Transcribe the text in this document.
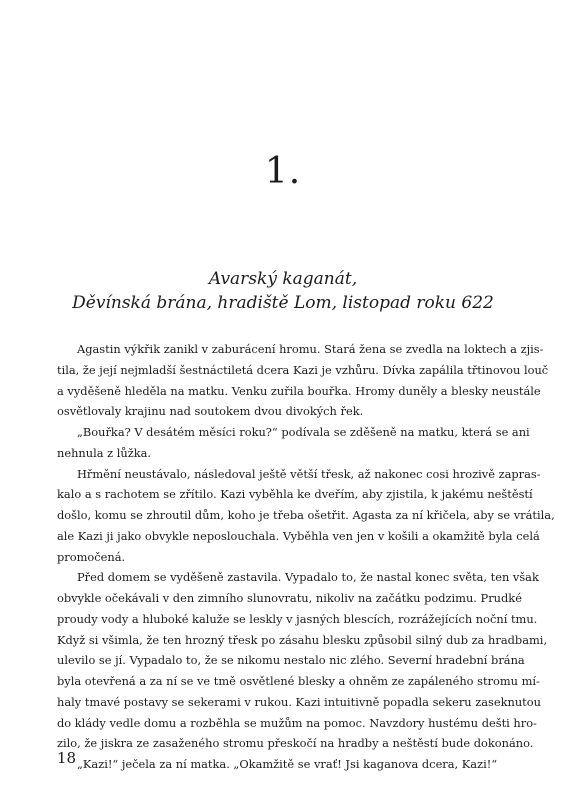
1.
Avarský kaganát,
Děvínská brána, hradiště Lom, listopad roku 622
Agastin výkřik zanikl v zaburácení hromu. Stará žena se zvedla na loktech a zjis-
tila, že její nejmladší šestnáctiletá dcera Kazi je vzhůru. Dívka zapálila třtinovou louč
a vyděšeně hleděla na matku. Venku zuřila bouřka. Hromy duněly a blesky neustále
osvětlovaly krajinu nad soutokem dvou divokých řek.
„Bouřka? V desátém měsíci roku?“ podívala se zděšeně na matku, která se ani
nehnula z lůžka.
Hřmění neustávalo, následoval ještě větší třesk, až nakonec cosi hrozivě zapras-
kalo a s rachotem se zřítilo. Kazi vyběhla ke dveřím, aby zjistila, k jakému neštěstí
došlo, komu se zhroutil dům, koho je třeba ošetřit. Agasta za ní křičela, aby se vrátila,
ale Kazi ji jako obvykle neposlouchala. Vyběhla ven jen v košili a okamžitě byla celá
promočená.
Před domem se vyděšeně zastavila. Vypadalo to, že nastal konec světa, ten však
obvykle očekávali v den zimního slunovratu, nikoliv na začátku podzimu. Prudké
proudy vody a hluboké kaluže se leskly v jasných blescích, rozrážejících noční tmu.
Když si všimla, že ten hrozný třesk po zásahu blesku způsobil silný dub za hradbami,
ulevilo se jí. Vypadalo to, že se nikomu nestalo nic zlého. Severní hradební brána
byla otevřená a za ní se ve tmě osvětlené blesky a ohněm ze zapáleného stromu mí-
haly tmavé postavy se sekerami v rukou. Kazi intuitivně popadla sekeru zaseknutou
do klády vedle domu a rozběhla se mužům na pomoc. Navzdory hustému dešti hro-
zilo, že jiskra ze zasaženého stromu přeskočí na hradby a neštěstí bude dokonáno.
„Kazi!“ ječela za ní matka. „Okamžitě se vrať! Jsi kaganova dcera, Kazi!“
18
